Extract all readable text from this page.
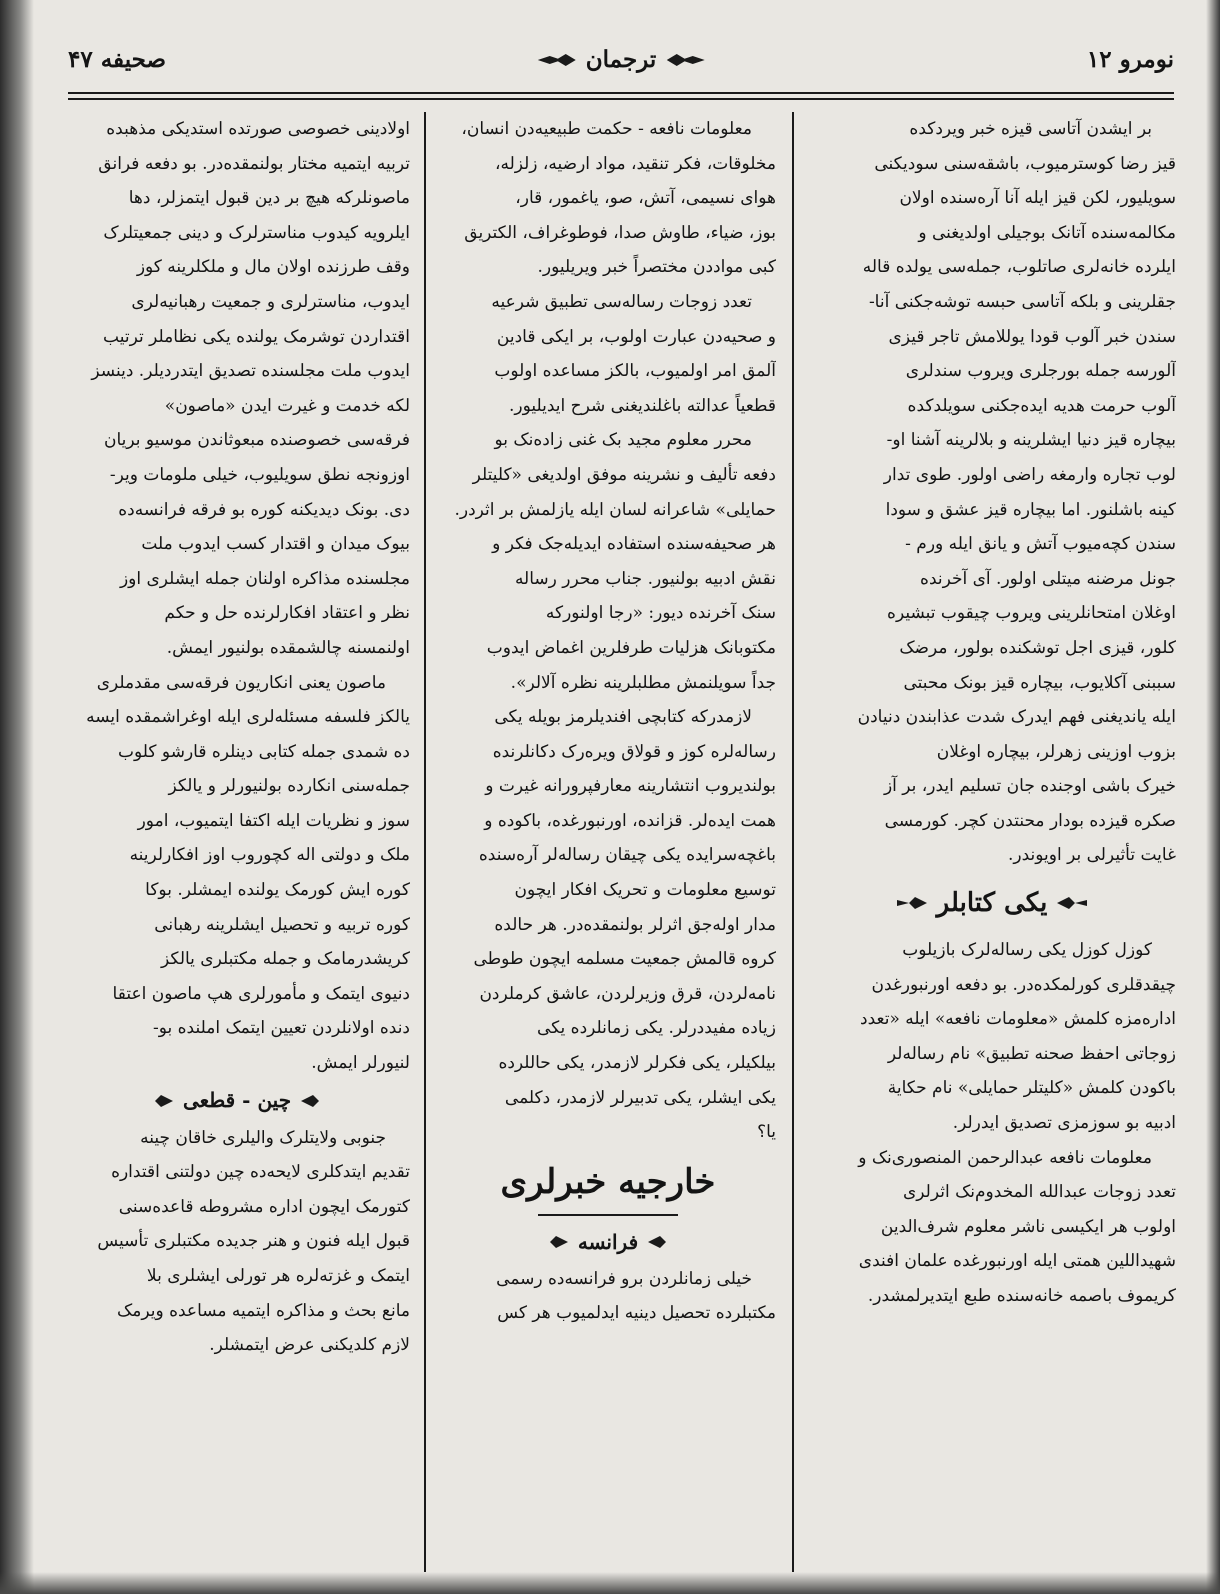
نومرو ۱۲
ترجمان
صحیفه ۴۷
بر ایشدن آتاسی قیزه خبر ویردکده
قیز رضا کوسترمیوب، باشقه‌سنی سودیکنی
سویلیور، لکن قیز ایله آنا آره‌سنده اولان
مکالمه‌سنده آتانک بوجیلی اولدیغنی و
ایلرده خانه‌لری صاتلوب، جمله‌سی یولده قاله
جقلرینی و بلکه آتاسی حبسه توشه‌جکنی آنا-
سندن خبر آلوب قودا یوللامش تاجر قیزی
آلورسه جمله بورجلری ویروب سندلری
آلوب حرمت هدیه ایده‌جکنی سویلدکده
بیچاره قیز دنیا ایشلرینه و بلالرینه آشنا او-
لوب تجاره وارمغه راضی اولور. طوی تدار
کینه باشلنور. اما بیچاره قیز عشق و سودا
سندن کچه‌میوب آتش و یانق ایله ورم -
جونل مرضنه میتلی اولور. آی آخرنده
اوغلان امتحانلرینی ویروب چیقوب تبشیره
کلور، قیزی اجل توشکنده بولور، مرضک
سببنی آکلایوب، بیچاره قیز بونک محبتی
ایله یاندیغنی فهم ایدرک شدت عذابندن دنیادن
بزوب اوزینی زهرلر، بیچاره اوغلان
خیرک باشی اوجنده جان تسلیم ایدر، بر آز
صکره قیزده بودار محنتدن کچر. کورمسی
غایت تأثیرلی بر اویوندر.
یکی کتابلر
کوزل کوزل یکی رساله‌لرک بازیلوب
چیقدقلری کورلمکده‌در. بو دفعه اورنبورغدن
اداره‌مزه کلمش «معلومات نافعه» ایله «تعدد
زوجاتی احفظ صحنه تطبیق» نام رساله‌لر
باکودن کلمش «کلیتلر حمایلی» نام حکایة
ادبیه بو سوزمزی تصدیق ایدرلر.
معلومات نافعه عبدالرحمن المنصوری‌نک و
تعدد زوجات عبدالله المخدوم‌نک اثرلری
اولوب هر ایکیسی ناشر معلوم شرف‌الدین
شهیداللین همتی ایله اورنبورغده علمان افندی
کریموف باصمه خانه‌سنده طبع ایتدیرلمشدر.
معلومات نافعه - حکمت طبیعیه‌دن انسان،
مخلوقات، فکر تنقید، مواد ارضیه، زلزله،
هوای نسیمی، آتش، صو، یاغمور، قار،
بوز، ضیاء، طاوش صدا، فوطوغراف، الکتریق
کبی مواددن مختصراً خبر ویریلیور.
تعدد زوجات رساله‌سی تطبیق شرعیه
و صحیه‌دن عبارت اولوب، بر ایکی قادین
آلمق امر اولمیوب، بالکز مساعده اولوب
قطعیاً عدالته باغلندیغنی شرح ایدیلیور.
محرر معلوم مجید بک غنی زاده‌نک بو
دفعه تألیف و نشرینه موفق اولدیغی «کلیتلر
حمایلی» شاعرانه لسان ایله یازلمش بر اثردر.
هر صحیفه‌سنده استفاده ایدیله‌جک فکر و
نقش ادبیه بولنیور. جناب محرر رساله
سنک آخرنده دیور: «رجا اولنورکه
مکتوبانک هزلیات طرفلرین اغماض ایدوب
جداً سویلنمش مطلبلرینه نظره آلالر».
لازمدرکه کتابچی افندیلرمز بویله یکی
رساله‌لره کوز و قولاق ویره‌رک دکانلرنده
بولندیروب انتشارینه معارفپرورانه غیرت و
همت ایده‌لر. قزانده، اورنبورغده، باکوده و
باغچه‌سرایده یکی چیقان رساله‌لر آره‌سنده
توسیع معلومات و تحریک افکار ایچون
مدار اوله‌جق اثرلر بولنمقده‌در. هر حالده
کروه قالمش جمعیت مسلمه ایچون طوطی
نامه‌لردن، قرق وزیرلردن، عاشق کرملردن
زیاده مفیددرلر. یکی زمانلرده یکی
بیلکیلر، یکی فکرلر لازمدر، یکی حاللرده
یکی ایشلر، یکی تدبیرلر لازمدر، دکلمی
یا؟
خارجیه خبرلری
فرانسه
خیلی زمانلردن برو فرانسه‌ده رسمی
مکتبلرده تحصیل دینیه ایدلمیوب هر کس
اولادینی خصوصی صورتده استدیکی مذهبده
تربیه ایتمیه مختار بولنمقده‌در. بو دفعه فرانق
ماصونلرکه هیچ بر دین قبول ایتمزلر، دها
ایلرویه کیدوب مناسترلرک و دینی جمعیتلرک
وقف طرزنده اولان مال و ملکلرینه کوز
ایدوب، مناسترلری و جمعیت رهبانیه‌لری
اقتداردن توشرمک یولنده یکی نظاملر ترتیب
ایدوب ملت مجلسنده تصدیق ایتدردیلر. دینسز
لکه خدمت و غیرت ایدن «ماصون»
فرقه‌سی خصوصنده مبعوثاندن موسیو بریان
اوزونجه نطق سویلیوب، خیلی ملومات ویر-
دی. بونک دیدیکنه کوره بو فرقه فرانسه‌ده
بیوک میدان و اقتدار کسب ایدوب ملت
مجلسنده مذاکره اولنان جمله ایشلری اوز
نظر و اعتقاد افکارلرنده حل و حکم
اولنمسنه چالشمقده بولنیور ایمش.
ماصون یعنی انکاریون فرقه‌سی مقدملری
یالکز فلسفه مسئله‌لری ایله اوغراشمقده ایسه
ده شمدی جمله کتابی دینلره قارشو کلوب
جمله‌سنی انکارده بولنیورلر و یالکز
سوز و نظریات ایله اکتفا ایتمیوب، امور
ملک و دولتی اله کچوروب اوز افکارلرینه
کوره ایش کورمک یولنده ایمشلر. بوکا
کوره تربیه و تحصیل ایشلرینه رهبانی
کریشدرمامک و جمله مکتبلری یالکز
دنیوی ایتمک و مأمورلری هپ ماصون اعتقا
دنده اولانلردن تعیین ایتمک املنده بو-
لنیورلر ایمش.
چین - قطعی
جنوبی ولایتلرک والیلری خاقان چینه
تقدیم ایتدکلری لایحه‌ده چین دولتنی اقتداره
کتورمک ایچون اداره مشروطه قاعده‌سنی
قبول ایله فنون و هنر جدیده مکتبلری تأسیس
ایتمک و غزته‌لره هر تورلی ایشلری بلا
مانع بحث و مذاکره ایتمیه مساعده ویرمک
لازم کلدیکنی عرض ایتمشلر.
